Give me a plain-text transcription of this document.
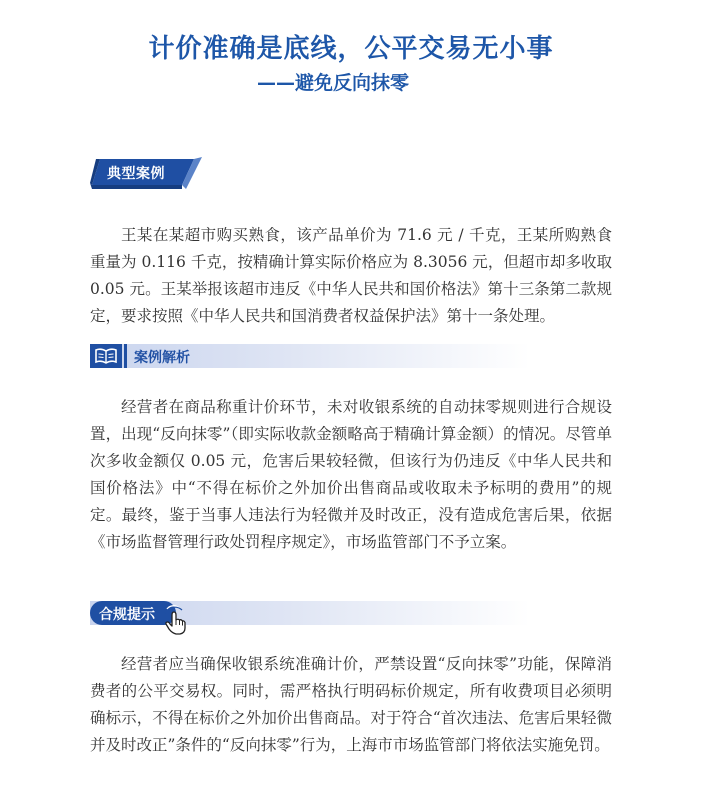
计价准确是底线，公平交易无小事
——避免反向抹零
典型案例

王某在某超市购买熟食，该产品单价为 71.6 元 / 千克，王某所购熟食重量为 0.116 千克，按精确计算实际价格应为 8.3056 元，但超市却多收取 0.05 元。王某举报该超市违反《中华人民共和国价格法》第十三条第二款规定，要求按照《中华人民共和国消费者权益保护法》第十一条处理。

案例解析

经营者在商品称重计价环节，未对收银系统的自动抹零规则进行合规设置，出现“反向抹零”（即实际收款金额略高于精确计算金额）的情况。尽管单次多收金额仅 0.05 元，危害后果较轻微，但该行为仍违反《中华人民共和国价格法》中“不得在标价之外加价出售商品或收取未予标明的费用”的规定。最终，鉴于当事人违法行为轻微并及时改正，没有造成危害后果，依据《市场监督管理行政处罚程序规定》，市场监管部门不予立案。

合规提示

经营者应当确保收银系统准确计价，严禁设置“反向抹零”功能，保障消费者的公平交易权。同时，需严格执行明码标价规定，所有收费项目必须明确标示，不得在标价之外加价出售商品。对于符合“首次违法、危害后果轻微并及时改正”条件的“反向抹零”行为，上海市市场监管部门将依法实施免罚。
